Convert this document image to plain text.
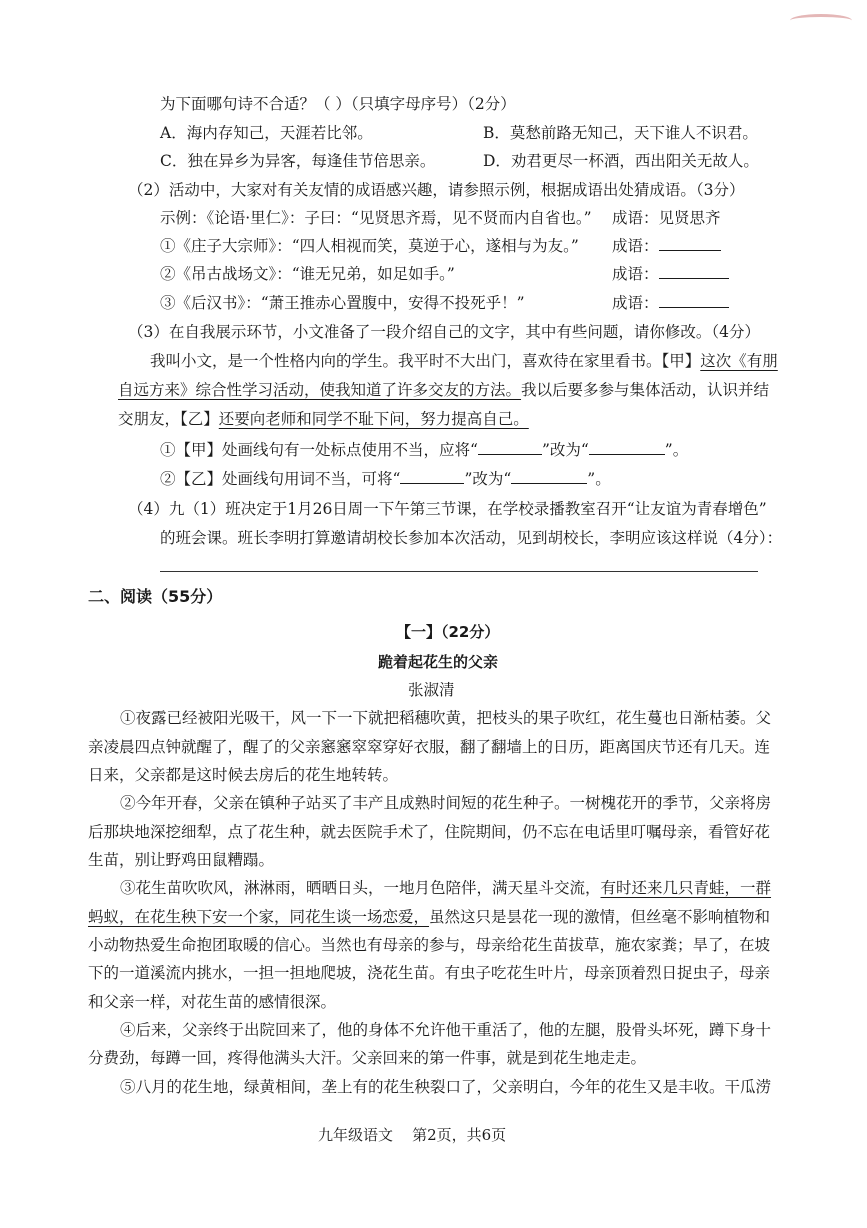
为下面哪句诗不合适？（ ）（只填字母序号）（2分）
A．海内存知己，天涯若比邻。	B．莫愁前路无知己，天下谁人不识君。
C．独在异乡为异客，每逢佳节倍思亲。	D．劝君更尽一杯酒，西出阳关无故人。
（2）活动中，大家对有关友情的成语感兴趣，请参照示例，根据成语出处猜成语。（3分）
示例：《论语·里仁》：子曰：“见贤思齐焉，见不贤而内自省也。” 成语：见贤思齐
①《庄子大宗师》：“四人相视而笑，莫逆于心，遂相与为友。” 成语：
②《吊古战场文》：“谁无兄弟，如足如手。”	成语：
③《后汉书》：“萧王推赤心置腹中，安得不投死乎！”	成语：
（3）在自我展示环节，小文准备了一段介绍自己的文字，其中有些问题，请你修改。（4分）
我叫小文，是一个性格内向的学生。我平时不大出门，喜欢待在家里看书。【甲】这次《有朋
自远方来》综合性学习活动，使我知道了许多交友的方法。我以后要多参与集体活动，认识并结
交朋友，【乙】还要向老师和同学不耻下问，努力提高自己。
①【甲】处画线句有一处标点使用不当，应将“	”改为“	”。
②【乙】处画线句用词不当，可将“	”改为“	”。
（4）九（1）班决定于1月26日周一下午第三节课，在学校录播教室召开“让友谊为青春增色”
的班会课。班长李明打算邀请胡校长参加本次活动，见到胡校长，李明应该这样说（4分）：
二、阅读（55分）
【一】（22分）
跪着起花生的父亲
张淑清
①夜露已经被阳光吸干，风一下一下就把稻穗吹黄，把枝头的果子吹红，花生蔓也日渐枯萎。父
亲凌晨四点钟就醒了，醒了的父亲窸窸窣窣穿好衣服，翻了翻墙上的日历，距离国庆节还有几天。连
日来，父亲都是这时候去房后的花生地转转。
②今年开春，父亲在镇种子站买了丰产且成熟时间短的花生种子。一树槐花开的季节，父亲将房
后那块地深挖细犁，点了花生种，就去医院手术了，住院期间，仍不忘在电话里叮嘱母亲，看管好花
生苗，别让野鸡田鼠糟蹋。
③花生苗吹吹风，淋淋雨，晒晒日头，一地月色陪伴，满天星斗交流，有时还来几只青蛙，一群
蚂蚁，在花生秧下安一个家，同花生谈一场恋爱，虽然这只是昙花一现的激情，但丝毫不影响植物和
小动物热爱生命抱团取暖的信心。当然也有母亲的参与，母亲给花生苗拔草，施农家粪；旱了，在坡
下的一道溪流内挑水，一担一担地爬坡，浇花生苗。有虫子吃花生叶片，母亲顶着烈日捉虫子，母亲
和父亲一样，对花生苗的感情很深。
④后来，父亲终于出院回来了，他的身体不允许他干重活了，他的左腿，股骨头坏死，蹲下身十
分费劲，每蹲一回，疼得他满头大汗。父亲回来的第一件事，就是到花生地走走。
⑤八月的花生地，绿黄相间，垄上有的花生秧裂口了，父亲明白，今年的花生又是丰收。干瓜涝
九年级语文    第2页，共6页
